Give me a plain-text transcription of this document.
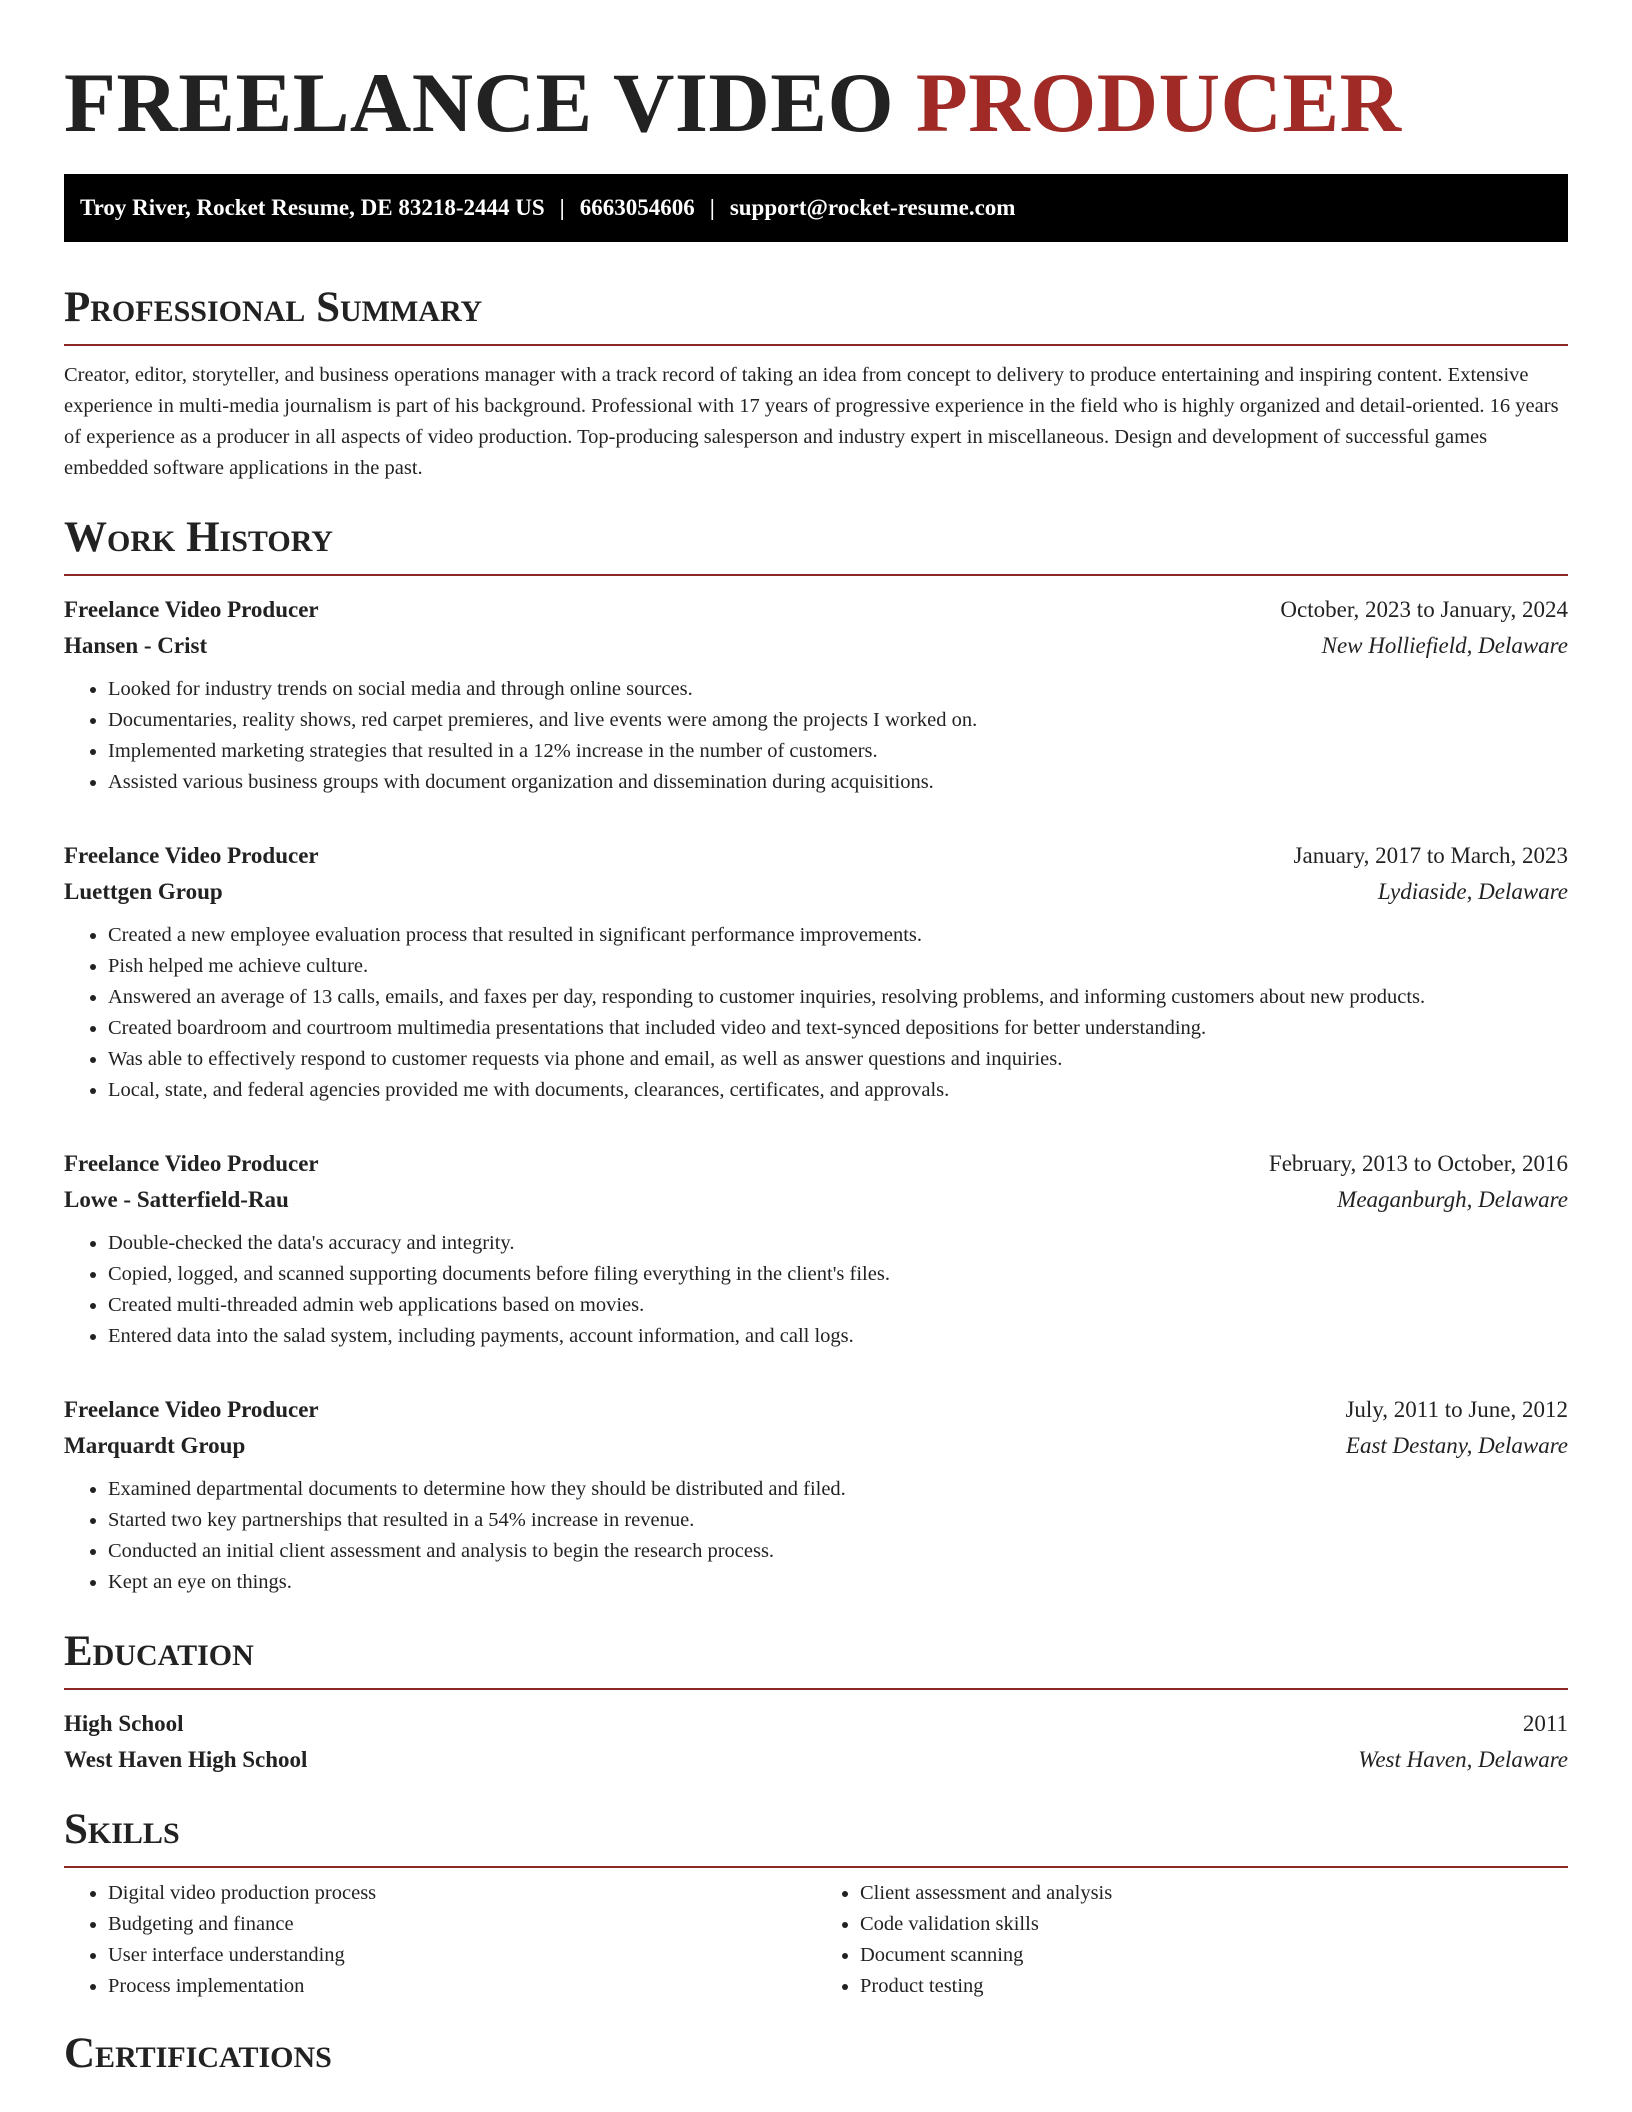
FREELANCE VIDEO PRODUCER
Troy River, Rocket Resume, DE 83218-2444 US | 6663054606 | support@rocket-resume.com
Professional Summary

Creator, editor, storyteller, and business operations manager with a track record of taking an idea from concept to delivery to produce entertaining and inspiring content. Extensive experience in multi-media journalism is part of his background. Professional with 17 years of progressive experience in the field who is highly organized and detail-oriented. 16 years of experience as a producer in all aspects of video production. Top-producing salesperson and industry expert in miscellaneous. Design and development of successful games embedded software applications in the past.

Work History
Freelance Video Producer	October, 2023 to January, 2024
Hansen - Crist	New Holliefield, Delaware
• Looked for industry trends on social media and through online sources.
• Documentaries, reality shows, red carpet premieres, and live events were among the projects I worked on.
• Implemented marketing strategies that resulted in a 12% increase in the number of customers.
• Assisted various business groups with document organization and dissemination during acquisitions.
Freelance Video Producer	January, 2017 to March, 2023
Luettgen Group	Lydiaside, Delaware
• Created a new employee evaluation process that resulted in significant performance improvements.
• Pish helped me achieve culture.
• Answered an average of 13 calls, emails, and faxes per day, responding to customer inquiries, resolving problems, and informing customers about new products.
• Created boardroom and courtroom multimedia presentations that included video and text-synced depositions for better understanding.
• Was able to effectively respond to customer requests via phone and email, as well as answer questions and inquiries.
• Local, state, and federal agencies provided me with documents, clearances, certificates, and approvals.
Freelance Video Producer	February, 2013 to October, 2016
Lowe - Satterfield-Rau	Meaganburgh, Delaware
• Double-checked the data's accuracy and integrity.
• Copied, logged, and scanned supporting documents before filing everything in the client's files.
• Created multi-threaded admin web applications based on movies.
• Entered data into the salad system, including payments, account information, and call logs.
Freelance Video Producer	July, 2011 to June, 2012
Marquardt Group	East Destany, Delaware
• Examined departmental documents to determine how they should be distributed and filed.
• Started two key partnerships that resulted in a 54% increase in revenue.
• Conducted an initial client assessment and analysis to begin the research process.
• Kept an eye on things.
Education
High School	2011
West Haven High School	West Haven, Delaware
Skills
• Digital video production process
• Budgeting and finance
• User interface understanding
• Process implementation
• Client assessment and analysis
• Code validation skills
• Document scanning
• Product testing
Certifications
